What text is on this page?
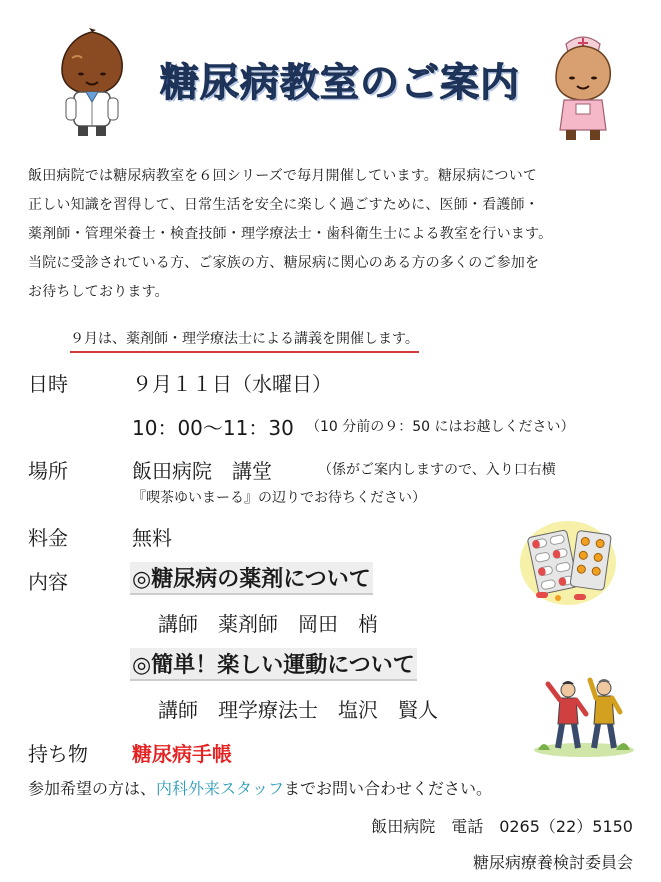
糖尿病教室のご案内

飯田病院では糖尿病教室を６回シリーズで毎月開催しています。糖尿病について

正しい知識を習得して、日常生活を安全に楽しく過ごすために、医師・看護師・

薬剤師・管理栄養士・検査技師・理学療法士・歯科衛生士による教室を行います。

当院に受診されている方、ご家族の方、糖尿病に関心のある方の多くのご参加を

お待ちしております。

９月は、薬剤師・理学療法士による講義を開催します。
日時	９月１１日（水曜日）
10：00～11：30 （10 分前の９：50 にはお越しください）
場所	飯田病院　講堂	（係がご案内しますので、入り口右横
『喫茶ゆいまーる』の辺りでお待ちください）
料金	無料
内容	◎糖尿病の薬剤について
講師　薬剤師　岡田　梢
◎簡単！楽しい運動について
講師　理学療法士　塩沢　賢人
持ち物 糖尿病手帳
参加希望の方は、内科外来スタッフまでお問い合わせください。
飯田病院　電話　0265（22）5150
糖尿病療養検討委員会
